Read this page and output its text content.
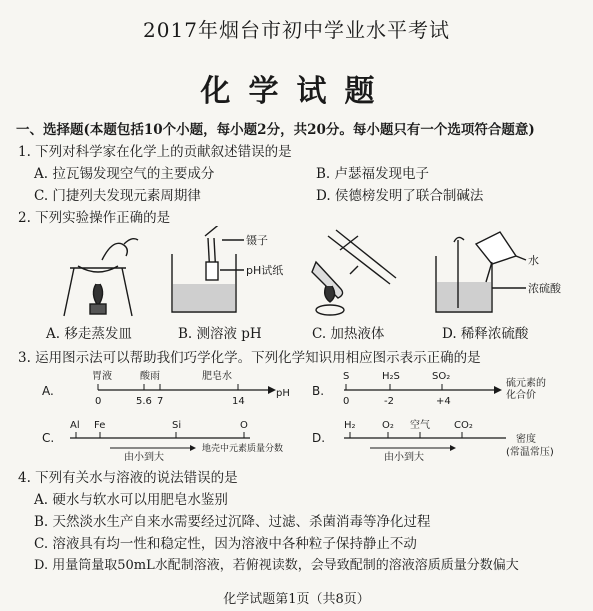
2017年烟台市初中学业水平考试
化学试题
一、选择题(本题包括10个小题，每小题2分，共20分。每小题只有一个选项符合题意)
1. 下列对科学家在化学上的贡献叙述错误的是
A. 拉瓦锡发现空气的主要成分	B. 卢瑟福发现电子
C. 门捷列夫发现元素周期律	D. 侯德榜发明了联合制碱法
2. 下列实验操作正确的是
镊子
pH试纸
水
浓硫酸
A. 移走蒸发皿	B. 测溶液 pH	C. 加热液体	D. 稀释浓硫酸
3. 运用图示法可以帮助我们巧学化学。下列化学知识用相应图示表示正确的是
A.
胃液	酸雨	肥皂水
0	5.6 7	14
pH B.
S	H₂S	SO₂
0	-2	+4
硫元素的
化合价
C.
Al Fe	Si	O
由小到大
地壳中元素质量分数
D.
H₂	O₂ 空气 CO₂
由小到大
密度
(常温常压)
4. 下列有关水与溶液的说法错误的是
A. 硬水与软水可以用肥皂水鉴别
B. 天然淡水生产自来水需要经过沉降、过滤、杀菌消毒等净化过程
C. 溶液具有均一性和稳定性，因为溶液中各种粒子保持静止不动
D. 用量筒量取50mL水配制溶液，若俯视读数，会导致配制的溶液溶质质量分数偏大
化学试题第1页（共8页）
